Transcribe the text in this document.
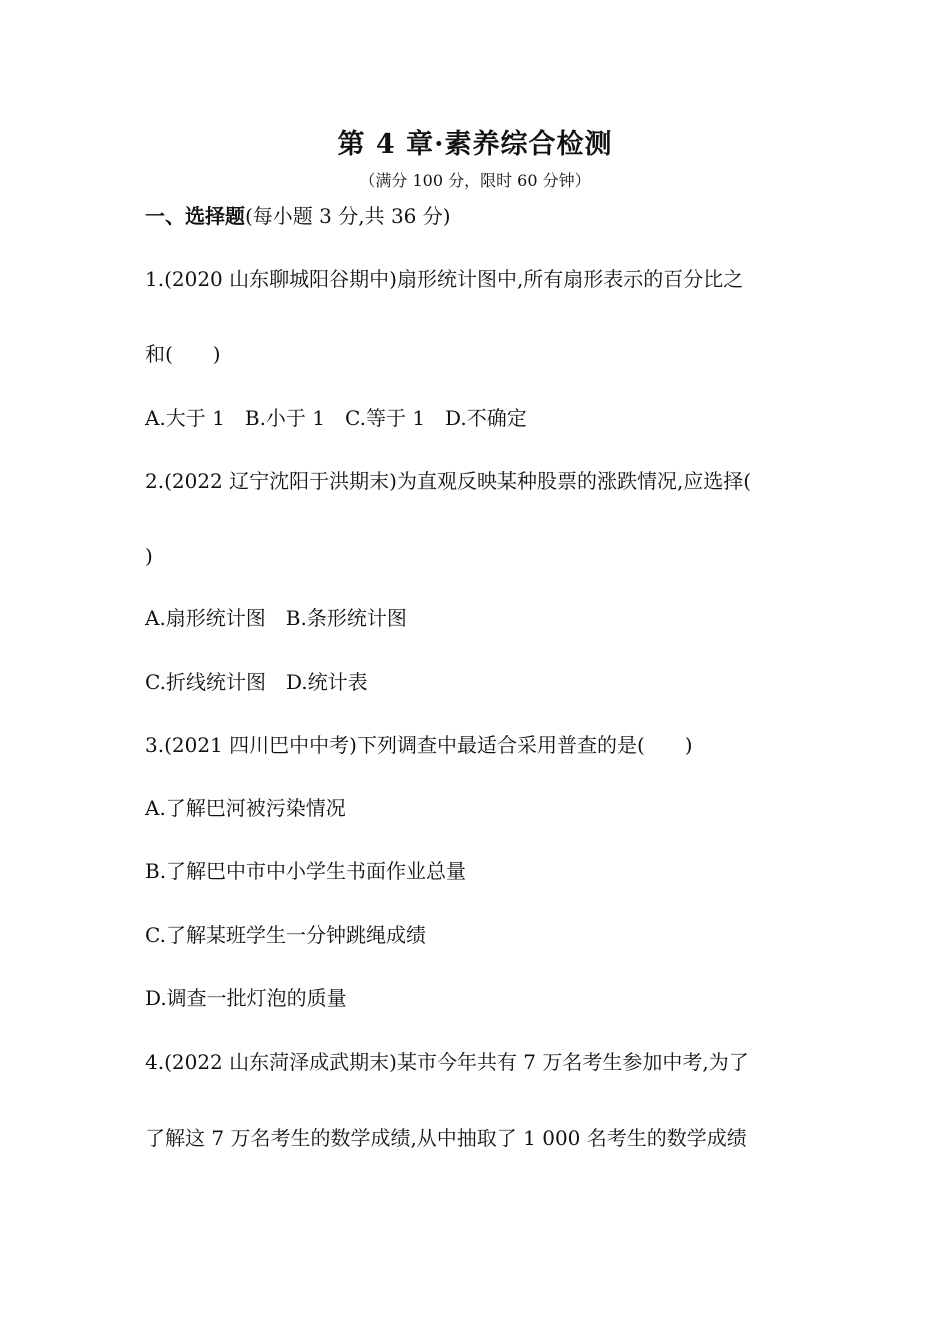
第 4 章·素养综合检测
（满分 100 分，限时 60 分钟）
一、选择题(每小题 3 分,共 36 分)
1.(2020 山东聊城阳谷期中)扇形统计图中,所有扇形表示的百分比之
和(　　)
A.大于 1　B.小于 1　C.等于 1　D.不确定
2.(2022 辽宁沈阳于洪期末)为直观反映某种股票的涨跌情况,应选择(
)
A.扇形统计图　B.条形统计图
C.折线统计图　D.统计表
3.(2021 四川巴中中考)下列调查中最适合采用普查的是(　　)
A.了解巴河被污染情况
B.了解巴中市中小学生书面作业总量
C.了解某班学生一分钟跳绳成绩
D.调查一批灯泡的质量
4.(2022 山东菏泽成武期末)某市今年共有 7 万名考生参加中考,为了
了解这 7 万名考生的数学成绩,从中抽取了 1 000 名考生的数学成绩
